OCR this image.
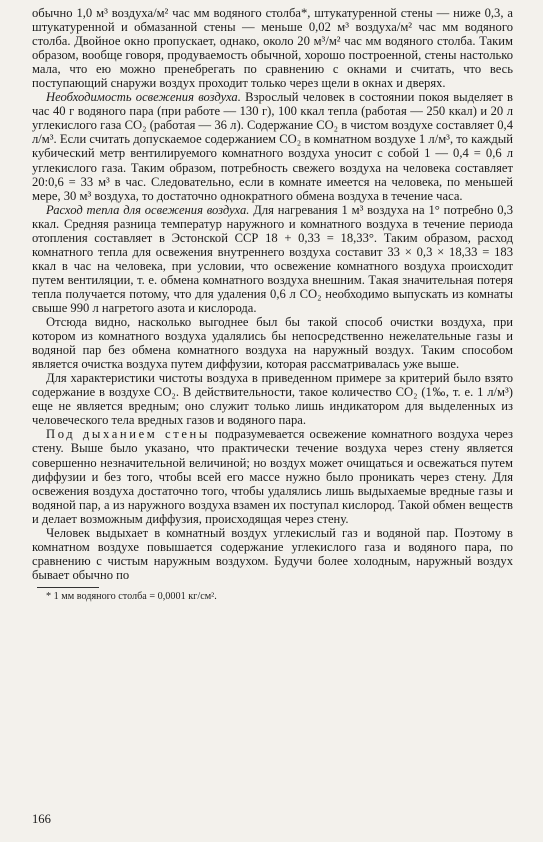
обычно 1,0 м³ воздуха/м² час мм водяного столба*, штукатуренной стены — ниже 0,3, а штукатуренной и обмазанной стены — меньше 0,02 м³ воздуха/м² час мм водяного столба. Двойное окно пропускает, однако, около 20 м³/м² час мм водяного столба. Таким образом, вообще говоря, продуваемость обычной, хорошо построенной, стены настолько мала, что ею можно пренебрегать по сравнению с окнами и считать, что весь поступающий снаружи воздух проходит только через щели в окнах и дверях.

Необходимость освежения воздуха. Взрослый человек в состоянии покоя выделяет в час 40 г водяного пара (при работе — 130 г), 100 ккал тепла (работая — 250 ккал) и 20 л углекислого газа CO₂ (работая — 36 л). Содержание CO₂ в чистом воздухе составляет 0,4 л/м³. Если считать допускаемое содержанием CO₂ в комнатном воздухе 1 л/м³, то каждый кубический метр вентилируемого комнатного воздуха уносит с собой 1 — 0,4 = 0,6 л углекислого газа. Таким образом, потребность свежего воздуха на человека составляет 20:0,6 = 33 м³ в час. Следовательно, если в комнате имеется на человека, по меньшей мере, 30 м³ воздуха, то достаточно однократного обмена воздуха в течение часа.

Расход тепла для освежения воздуха. Для нагревания 1 м³ воздуха на 1° потребно 0,3 ккал. Средняя разница температур наружного и комнатного воздуха в течение периода отопления составляет в Эстонской ССР 18 + 0,33 = 18,33°. Таким образом, расход комнатного тепла для освежения внутреннего воздуха составит 33 × 0,3 × 18,33 = 183 ккал в час на человека, при условии, что освежение комнатного воздуха происходит путем вентиляции, т. е. обмена комнатного воздуха внешним. Такая значительная потеря тепла получается потому, что для удаления 0,6 л CO₂ необходимо выпускать из комнаты свыше 990 л нагретого азота и кислорода.

Отсюда видно, насколько выгоднее был бы такой способ очистки воздуха, при котором из комнатного воздуха удалялись бы непосредственно нежелательные газы и водяной пар без обмена комнатного воздуха на наружный воздух. Таким способом является очистка воздуха путем диффузии, которая рассматривалась уже выше.

Для характеристики чистоты воздуха в приведенном примере за критерий было взято содержание в воздухе CO₂. В действительности, такое количество CO₂ (1‰, т. е. 1 л/м³) еще не является вредным; оно служит только лишь индикатором для выделенных из человеческого тела вредных газов и водяного пара.

Под дыханием стены подразумевается освежение комнатного воздуха через стену. Выше было указано, что практически течение воздуха через стену является совершенно незначительной величиной; но воздух может очищаться и освежаться путем диффузии и без того, чтобы всей его массе нужно было проникать через стену. Для освежения воздуха достаточно того, чтобы удалялись лишь выдыхаемые вредные газы и водяной пар, а из наружного воздуха взамен их поступал кислород. Такой обмен веществ и делает возможным диффузия, происходящая через стену.

Человек выдыхает в комнатный воздух углекислый газ и водяной пар. Поэтому в комнатном воздухе повышается содержание углекислого газа и водяного пара, по сравнению с чистым наружным воздухом. Будучи более холодным, наружный воздух бывает обычно по

* 1 мм водяного столба = 0,0001 кг/см².

166
